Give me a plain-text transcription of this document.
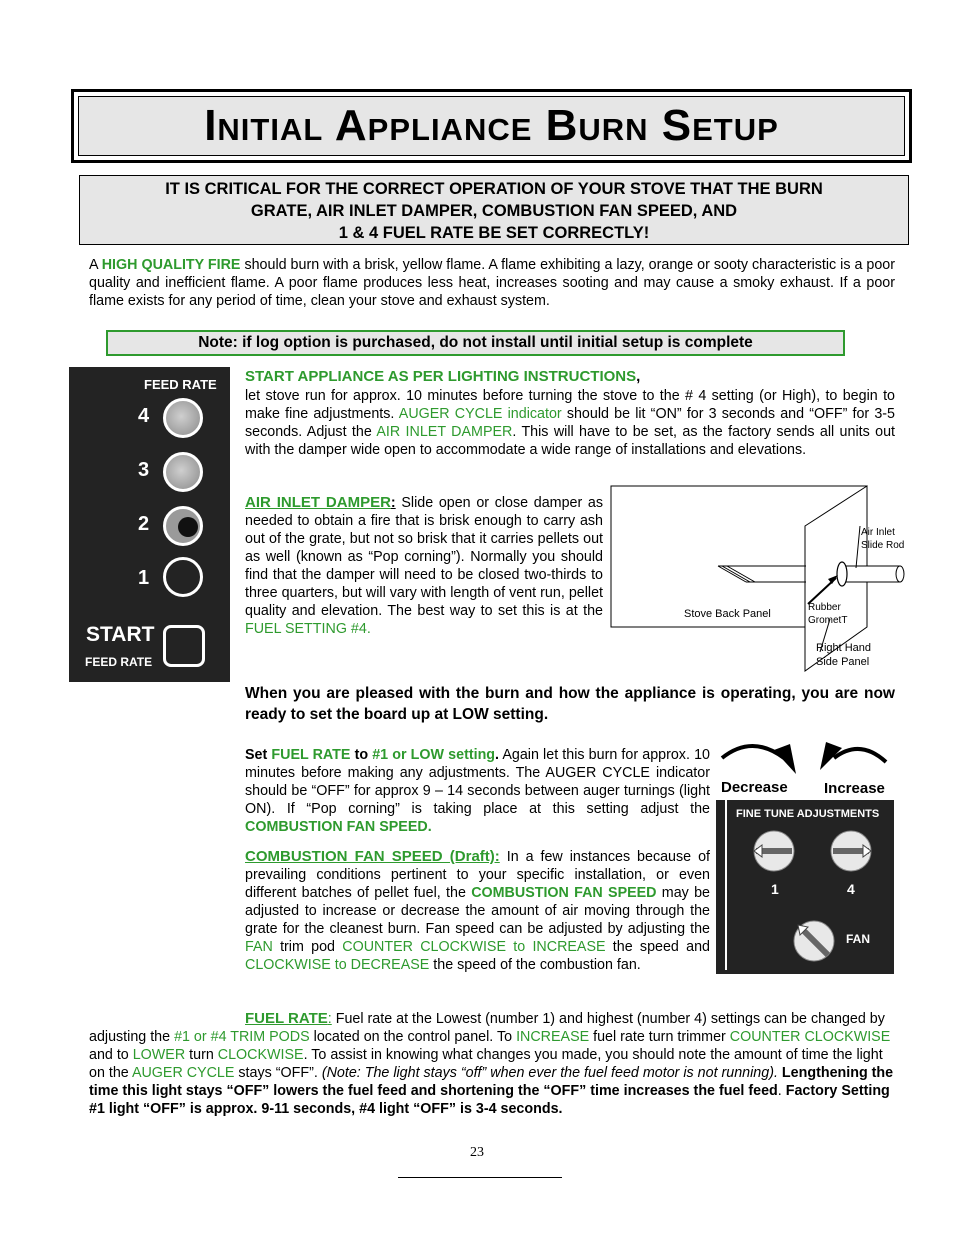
Initial Appliance Burn Setup
IT IS CRITICAL FOR THE CORRECT OPERATION OF YOUR STOVE THAT THE BURN
GRATE, AIR INLET DAMPER, COMBUSTION FAN SPEED, AND
1 & 4 FUEL RATE BE SET CORRECTLY!
A HIGH QUALITY FIRE should burn with a brisk, yellow flame. A flame exhibiting a lazy, orange or sooty characteristic is a poor quality and inefficient flame. A poor flame produces less heat, increases sooting and may cause a smoky exhaust. If a poor flame exists for any period of time, clean your stove and exhaust system.
Note: if log option is purchased, do not install until initial setup is complete
FEED RATE
4
3
2
1
START
FEED RATE
START APPLIANCE AS PER LIGHTING INSTRUCTIONS,
let stove run for approx. 10 minutes before turning the stove to the # 4 setting (or High), to begin to make fine adjustments. AUGER CYCLE indicator should be lit “ON” for 3 seconds and “OFF” for 3-5 seconds. Adjust the AIR INLET DAMPER. This will have to be set, as the factory sends all units out with the damper wide open to accommodate a wide range of installations and elevations.
AIR INLET DAMPER: Slide open or close damper as needed to obtain a fire that is brisk enough to carry ash out of the grate, but not so brisk that it carries pellets out as well (known as “Pop corning”). Normally you should find that the damper will need to be closed two-thirds to three quarters, but will vary with length of vent run, pellet quality and elevation. The best way to set this is at the FUEL SETTING #4.
Air Inlet
Slide Rod
Stove Back Panel
Rubber
GrometT
Right Hand
Side Panel
When you are pleased with the burn and how the appliance is operating, you are now ready to set the board up at LOW setting.
Set FUEL RATE to #1 or LOW setting. Again let this burn for approx. 10 minutes before making any adjustments. The AUGER CYCLE indicator should be “OFF” for approx 9 – 14 seconds between auger turnings (light ON). If “Pop corning” is taking place at this setting adjust the COMBUSTION FAN SPEED.
COMBUSTION FAN SPEED (Draft): In a few instances because of prevailing conditions pertinent to your specific installation, or even different batches of pellet fuel, the COMBUSTION FAN SPEED may be adjusted to increase or decrease the amount of air moving through the grate for the cleanest burn. Fan speed can be adjusted by adjusting the FAN trim pod COUNTER CLOCKWISE to INCREASE the speed and CLOCKWISE to DECREASE the speed of the combustion fan.
Decrease Increase
FINE TUNE ADJUSTMENTS
1	4
FAN
FUEL RATE: Fuel rate at the Lowest (number 1) and highest (number 4) settings can be changed by adjusting the #1 or #4 TRIM PODS located on the control panel. To INCREASE fuel rate turn trimmer COUNTER CLOCKWISE and to LOWER turn CLOCKWISE. To assist in knowing what changes you made, you should note the amount of time the light on the AUGER CYCLE stays “OFF”. (Note: The light stays “off” when ever the fuel feed motor is not running). Lengthening the time this light stays “OFF” lowers the fuel feed and shortening the “OFF” time increases the fuel feed. Factory Setting #1 light “OFF” is approx. 9-11 seconds, #4 light “OFF” is 3-4 seconds.
23
